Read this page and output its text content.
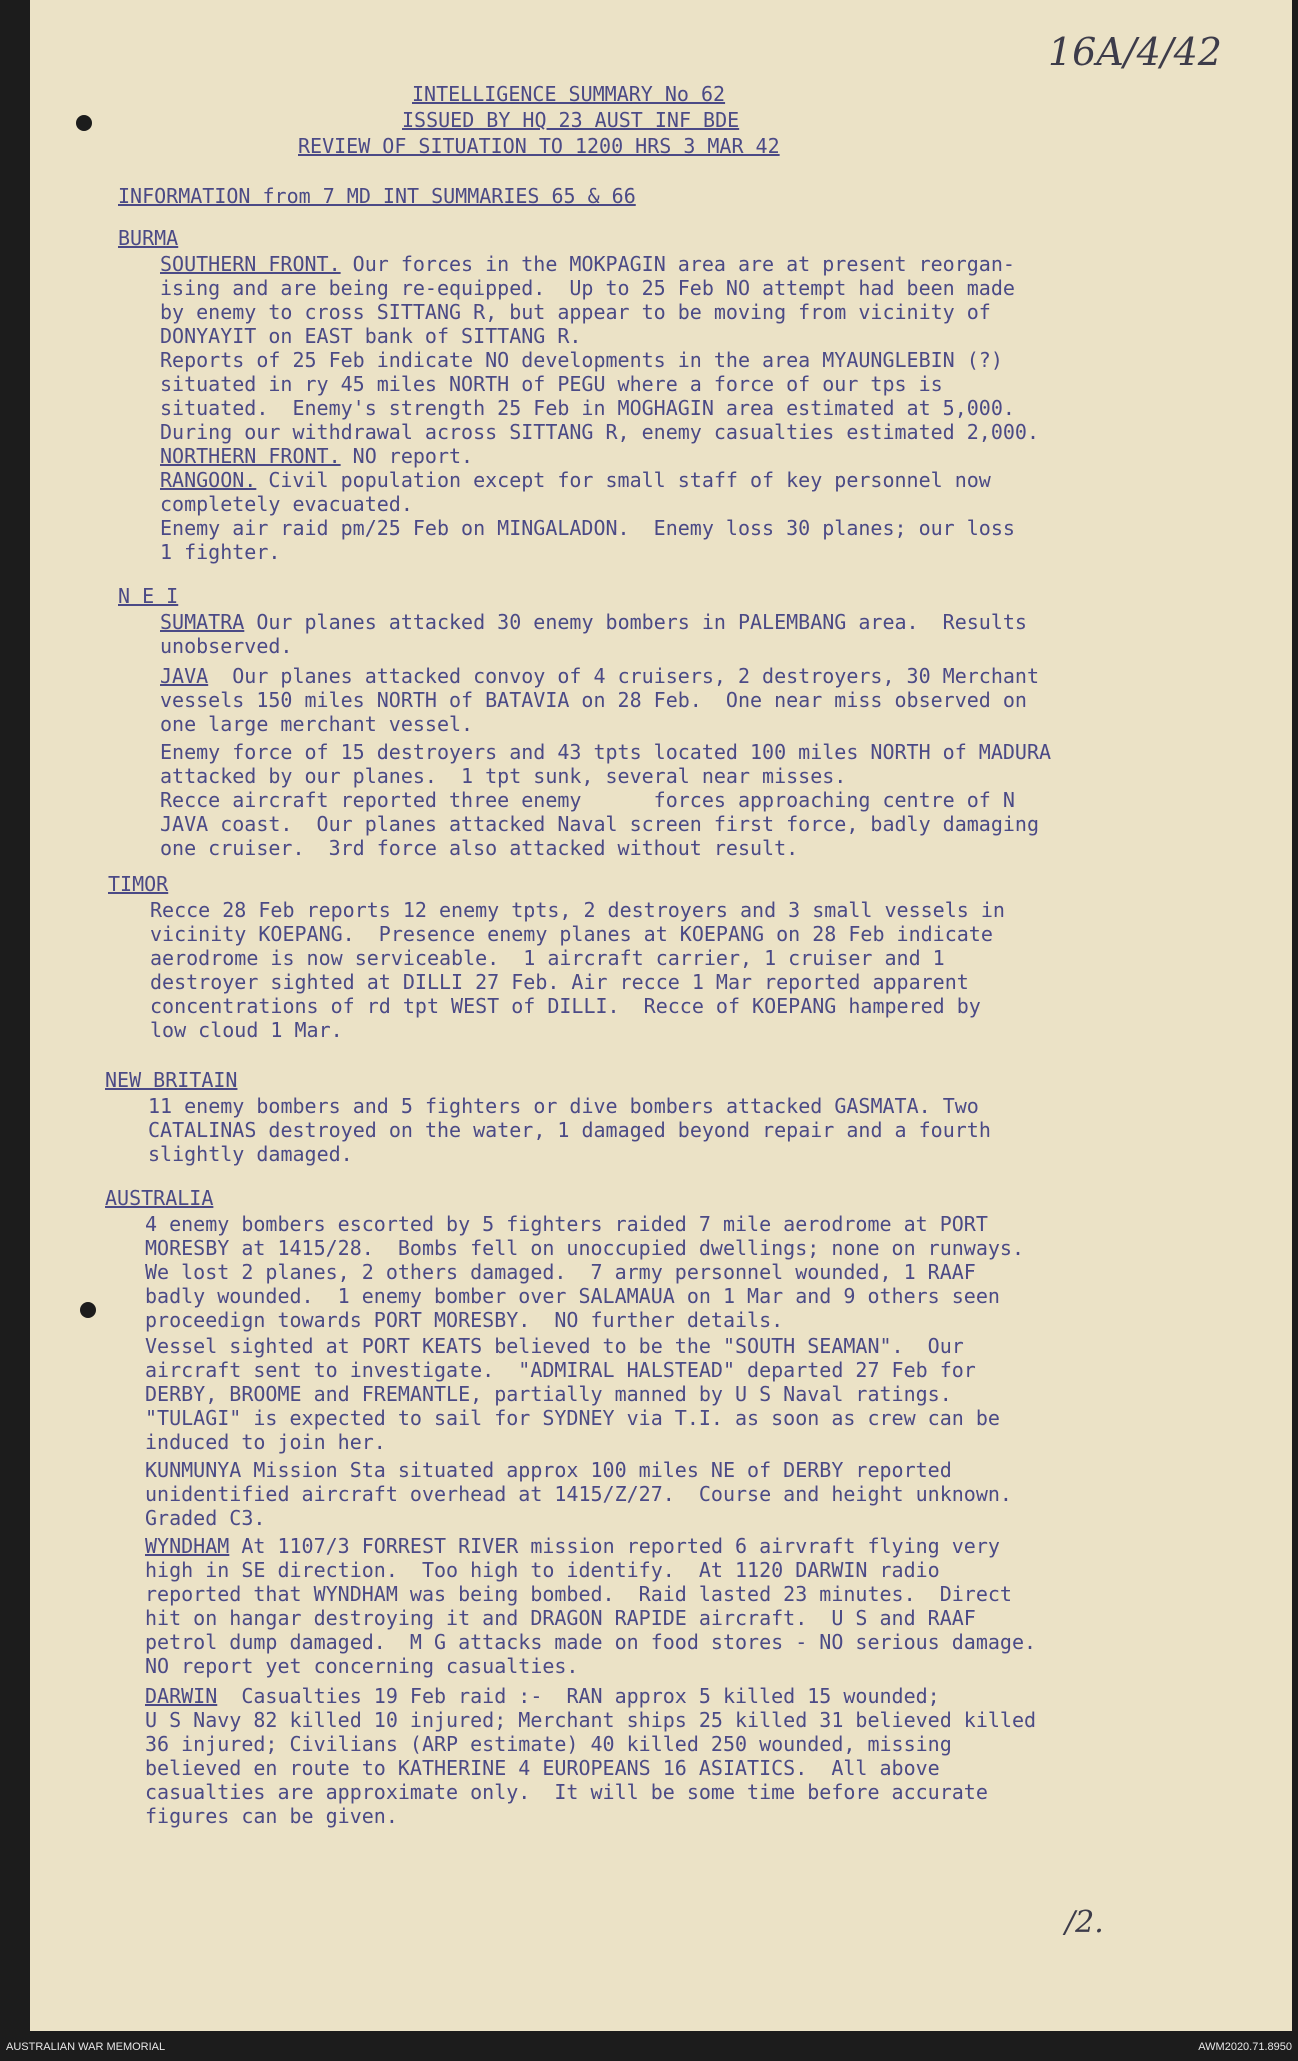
16A/4/42
/2.

INTELLIGENCE SUMMARY No 62

ISSUED BY HQ 23 AUST INF BDE

REVIEW OF SITUATION TO 1200 HRS 3 MAR 42

INFORMATION from 7 MD INT SUMMARIES 65 & 66

BURMA

SOUTHERN FRONT. Our forces in the MOKPAGIN area are at present reorgan-

ising and are being re-equipped.  Up to 25 Feb NO attempt had been made

by enemy to cross SITTANG R, but appear to be moving from vicinity of

DONYAYIT on EAST bank of SITTANG R.

Reports of 25 Feb indicate NO developments in the area MYAUNGLEBIN (?)

situated in ry 45 miles NORTH of PEGU where a force of our tps is

situated.  Enemy's strength 25 Feb in MOGHAGIN area estimated at 5,000.

During our withdrawal across SITTANG R, enemy casualties estimated 2,000.

NORTHERN FRONT. NO report.

RANGOON. Civil population except for small staff of key personnel now

completely evacuated.

Enemy air raid pm/25 Feb on MINGALADON.  Enemy loss 30 planes; our loss

1 fighter.

N E I

SUMATRA Our planes attacked 30 enemy bombers in PALEMBANG area.  Results

unobserved.

JAVA  Our planes attacked convoy of 4 cruisers, 2 destroyers, 30 Merchant

vessels 150 miles NORTH of BATAVIA on 28 Feb.  One near miss observed on

one large merchant vessel.

Enemy force of 15 destroyers and 43 tpts located 100 miles NORTH of MADURA

attacked by our planes.  1 tpt sunk, several near misses.

Recce aircraft reported three enemy      forces approaching centre of N

JAVA coast.  Our planes attacked Naval screen first force, badly damaging

one cruiser.  3rd force also attacked without result.

TIMOR

Recce 28 Feb reports 12 enemy tpts, 2 destroyers and 3 small vessels in

vicinity KOEPANG.  Presence enemy planes at KOEPANG on 28 Feb indicate

aerodrome is now serviceable.  1 aircraft carrier, 1 cruiser and 1

destroyer sighted at DILLI 27 Feb. Air recce 1 Mar reported apparent

concentrations of rd tpt WEST of DILLI.  Recce of KOEPANG hampered by

low cloud 1 Mar.

NEW BRITAIN

11 enemy bombers and 5 fighters or dive bombers attacked GASMATA. Two

CATALINAS destroyed on the water, 1 damaged beyond repair and a fourth

slightly damaged.

AUSTRALIA

4 enemy bombers escorted by 5 fighters raided 7 mile aerodrome at PORT

MORESBY at 1415/28.  Bombs fell on unoccupied dwellings; none on runways.

We lost 2 planes, 2 others damaged.  7 army personnel wounded, 1 RAAF

badly wounded.  1 enemy bomber over SALAMAUA on 1 Mar and 9 others seen

proceedign towards PORT MORESBY.  NO further details.

Vessel sighted at PORT KEATS believed to be the "SOUTH SEAMAN".  Our

aircraft sent to investigate.  "ADMIRAL HALSTEAD" departed 27 Feb for

DERBY, BROOME and FREMANTLE, partially manned by U S Naval ratings.

"TULAGI" is expected to sail for SYDNEY via T.I. as soon as crew can be

induced to join her.

KUNMUNYA Mission Sta situated approx 100 miles NE of DERBY reported

unidentified aircraft overhead at 1415/Z/27.  Course and height unknown.

Graded C3.

WYNDHAM At 1107/3 FORREST RIVER mission reported 6 airvraft flying very

high in SE direction.  Too high to identify.  At 1120 DARWIN radio

reported that WYNDHAM was being bombed.  Raid lasted 23 minutes.  Direct

hit on hangar destroying it and DRAGON RAPIDE aircraft.  U S and RAAF

petrol dump damaged.  M G attacks made on food stores - NO serious damage.

NO report yet concerning casualties.

DARWIN  Casualties 19 Feb raid :-  RAN approx 5 killed 15 wounded;

U S Navy 82 killed 10 injured; Merchant ships 25 killed 31 believed killed

36 injured; Civilians (ARP estimate) 40 killed 250 wounded, missing

believed en route to KATHERINE 4 EUROPEANS 16 ASIATICS.  All above

casualties are approximate only.  It will be some time before accurate

figures can be given.

AUSTRALIAN WAR MEMORIAL	AWM2020.71.8950
